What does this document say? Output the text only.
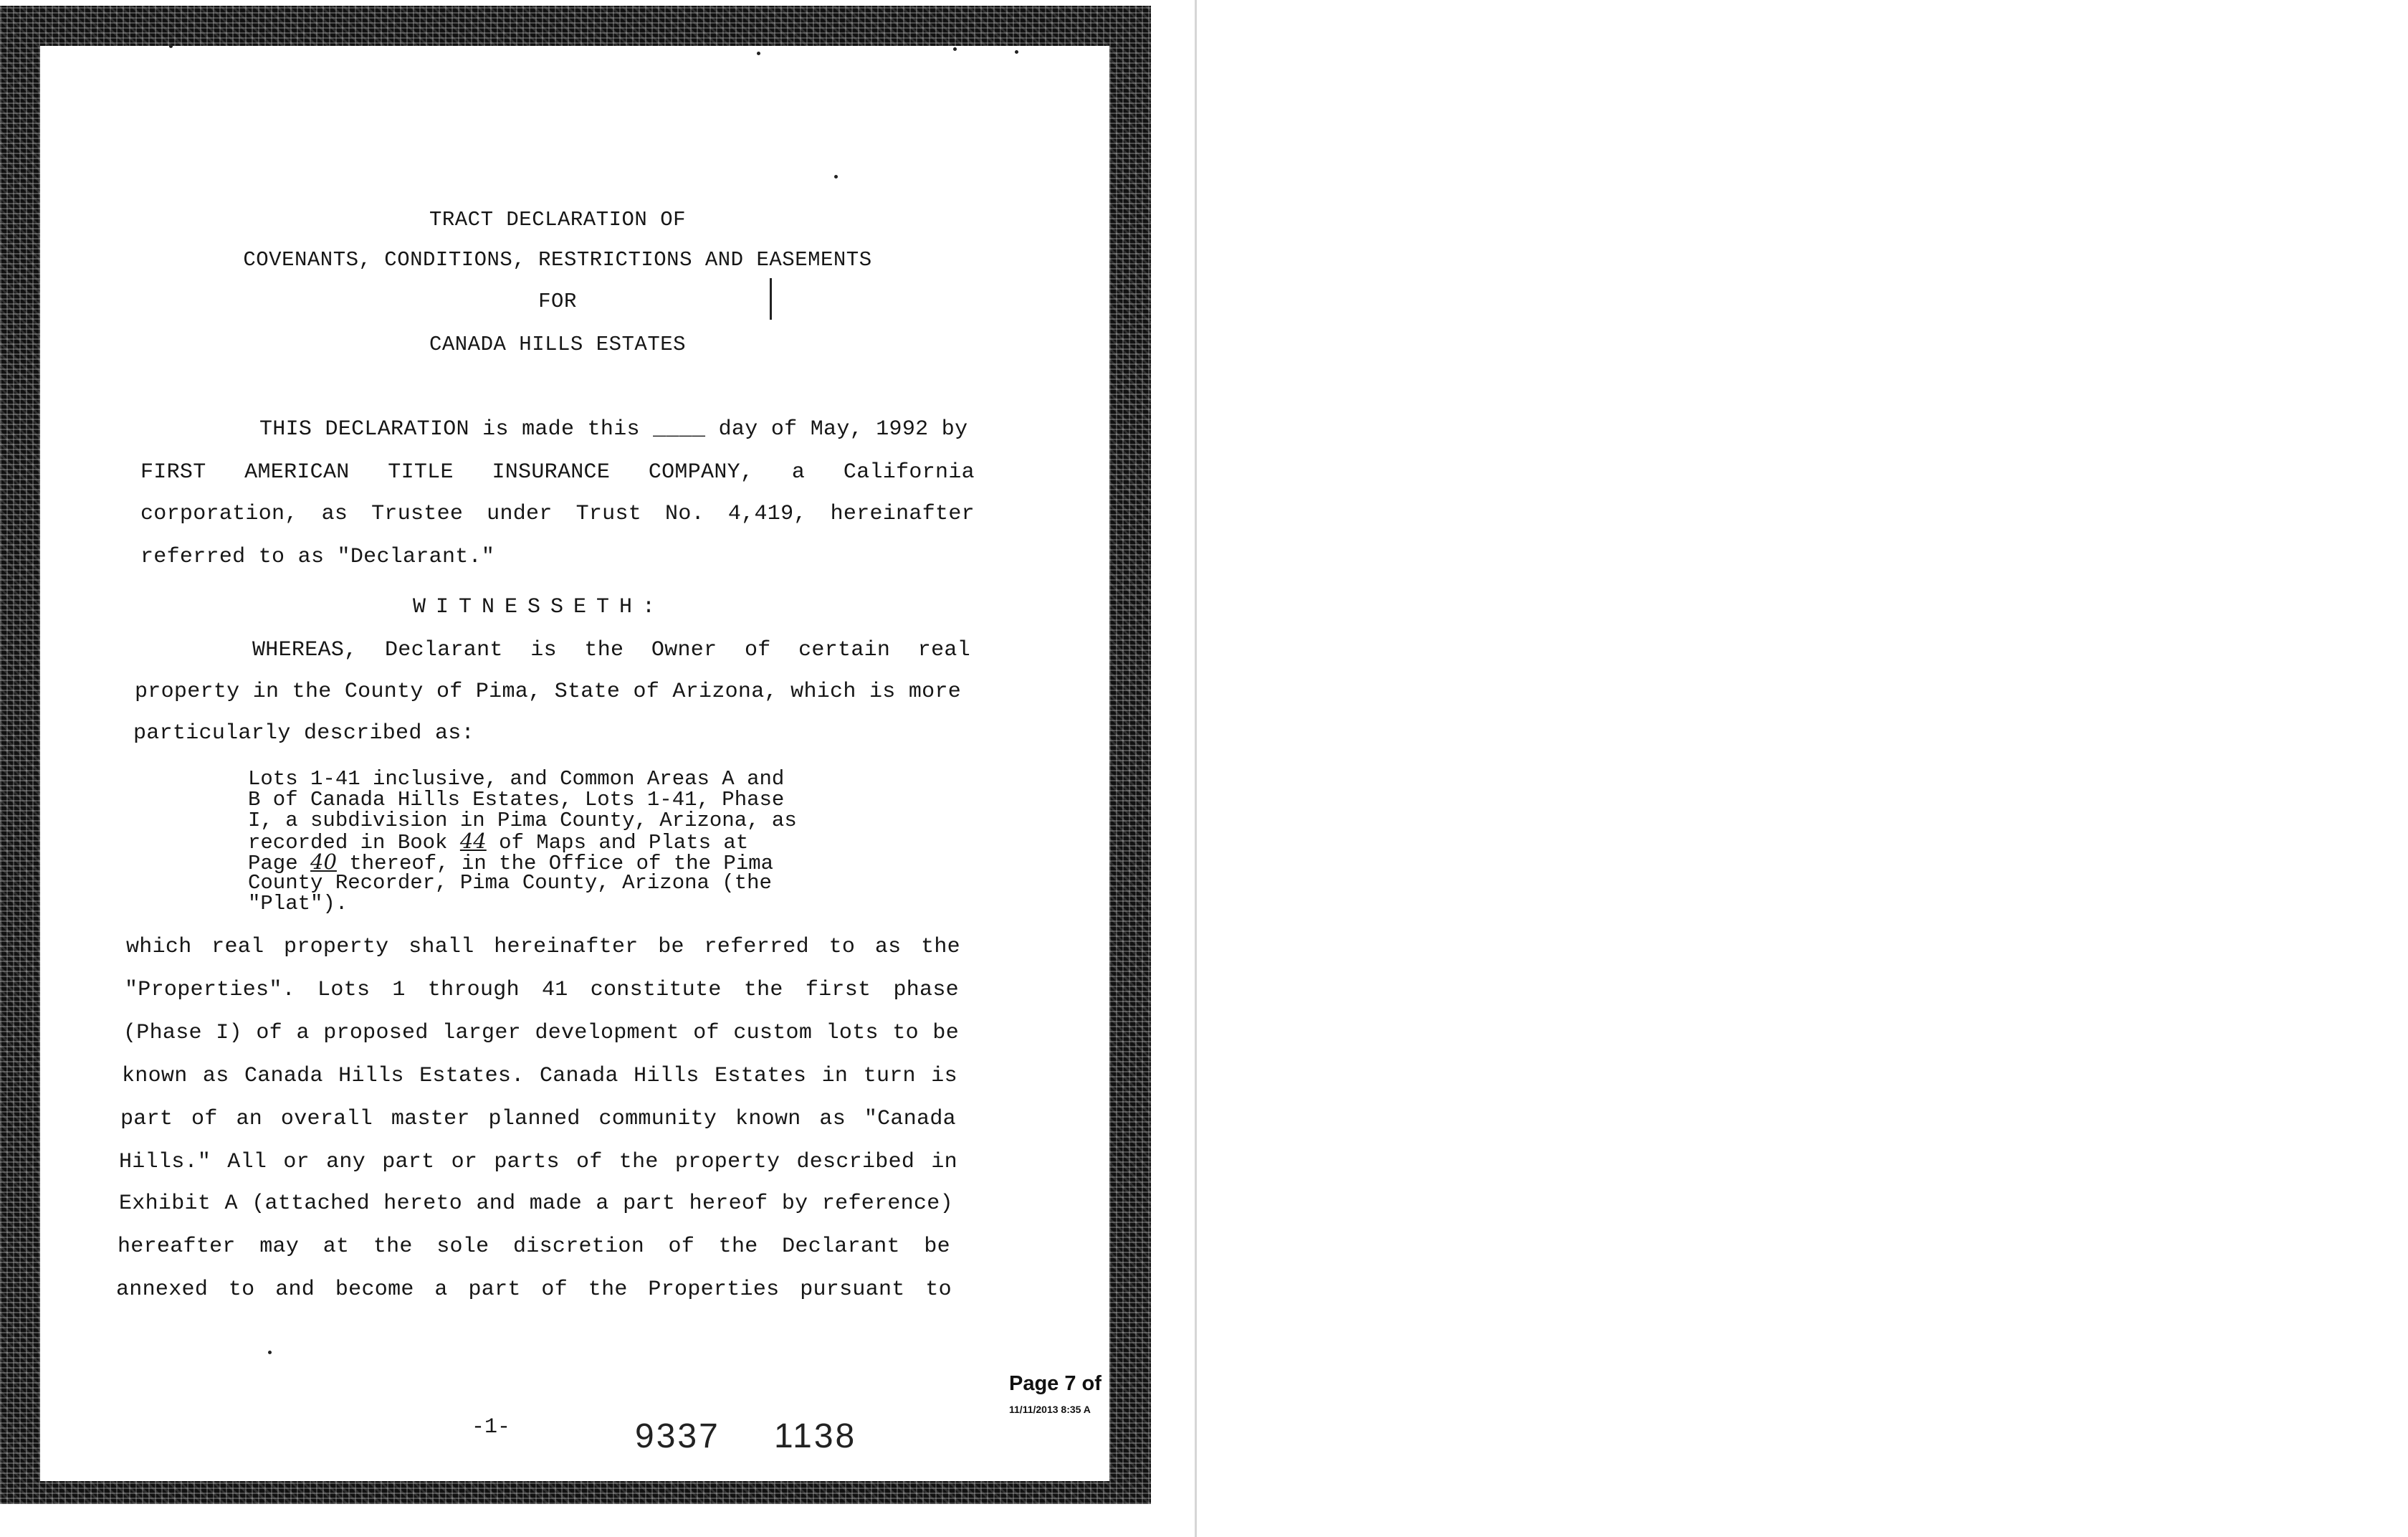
TRACT DECLARATION OF
COVENANTS, CONDITIONS, RESTRICTIONS AND EASEMENTS
FOR
CANADA HILLS ESTATES
THIS DECLARATION is made this ____ day of May, 1992 by
FIRST AMERICAN TITLE INSURANCE COMPANY, a California
corporation, as Trustee under Trust No. 4,419, hereinafter
referred to as "Declarant."
WITNESSETH:
WHEREAS, Declarant is the Owner of certain real
property in the County of Pima, State of Arizona, which is more
particularly described as:
Lots 1-41 inclusive, and Common Areas A and
B of Canada Hills Estates, Lots 1-41, Phase
I, a subdivision in Pima County, Arizona, as
recorded in Book 44 of Maps and Plats at
Page 40 thereof, in the Office of the Pima
County Recorder, Pima County, Arizona (the
"Plat").
which real property shall hereinafter be referred to as the
"Properties". Lots 1 through 41 constitute the first phase
(Phase I) of a proposed larger development of custom lots to be
known as Canada Hills Estates. Canada Hills Estates in turn is
part of an overall master planned community known as "Canada
Hills." All or any part or parts of the property described in
Exhibit A (attached hereto and made a part hereof by reference)
hereafter may at the sole discretion of the Declarant be
annexed to and become a part of the Properties pursuant to
-1-	9337 1138
Page 7 of
11/11/2013 8:35 A
